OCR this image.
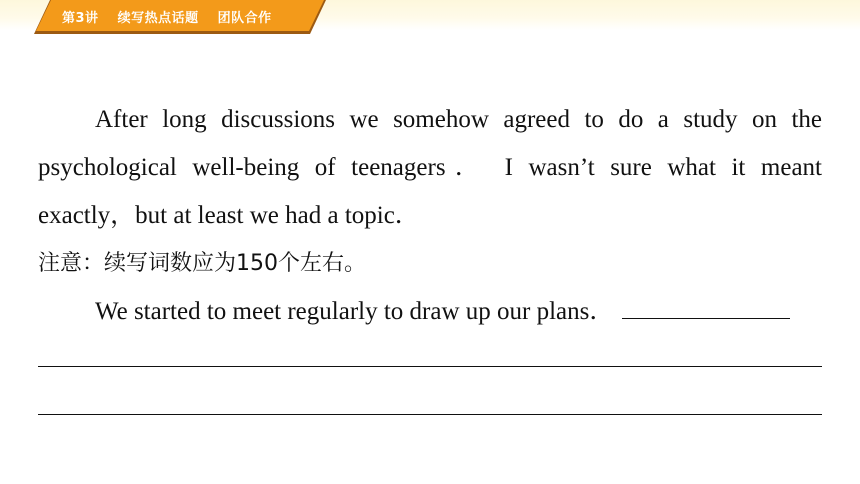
第3讲 续写热点话题 团队合作
After long discussions we somehow agreed to do a study on the
psychological well-being of teenagers． I wasn’t sure what it meant
exactly，but at least we had a topic．
注意：续写词数应为150个左右。
We started to meet regularly to draw up our plans．
